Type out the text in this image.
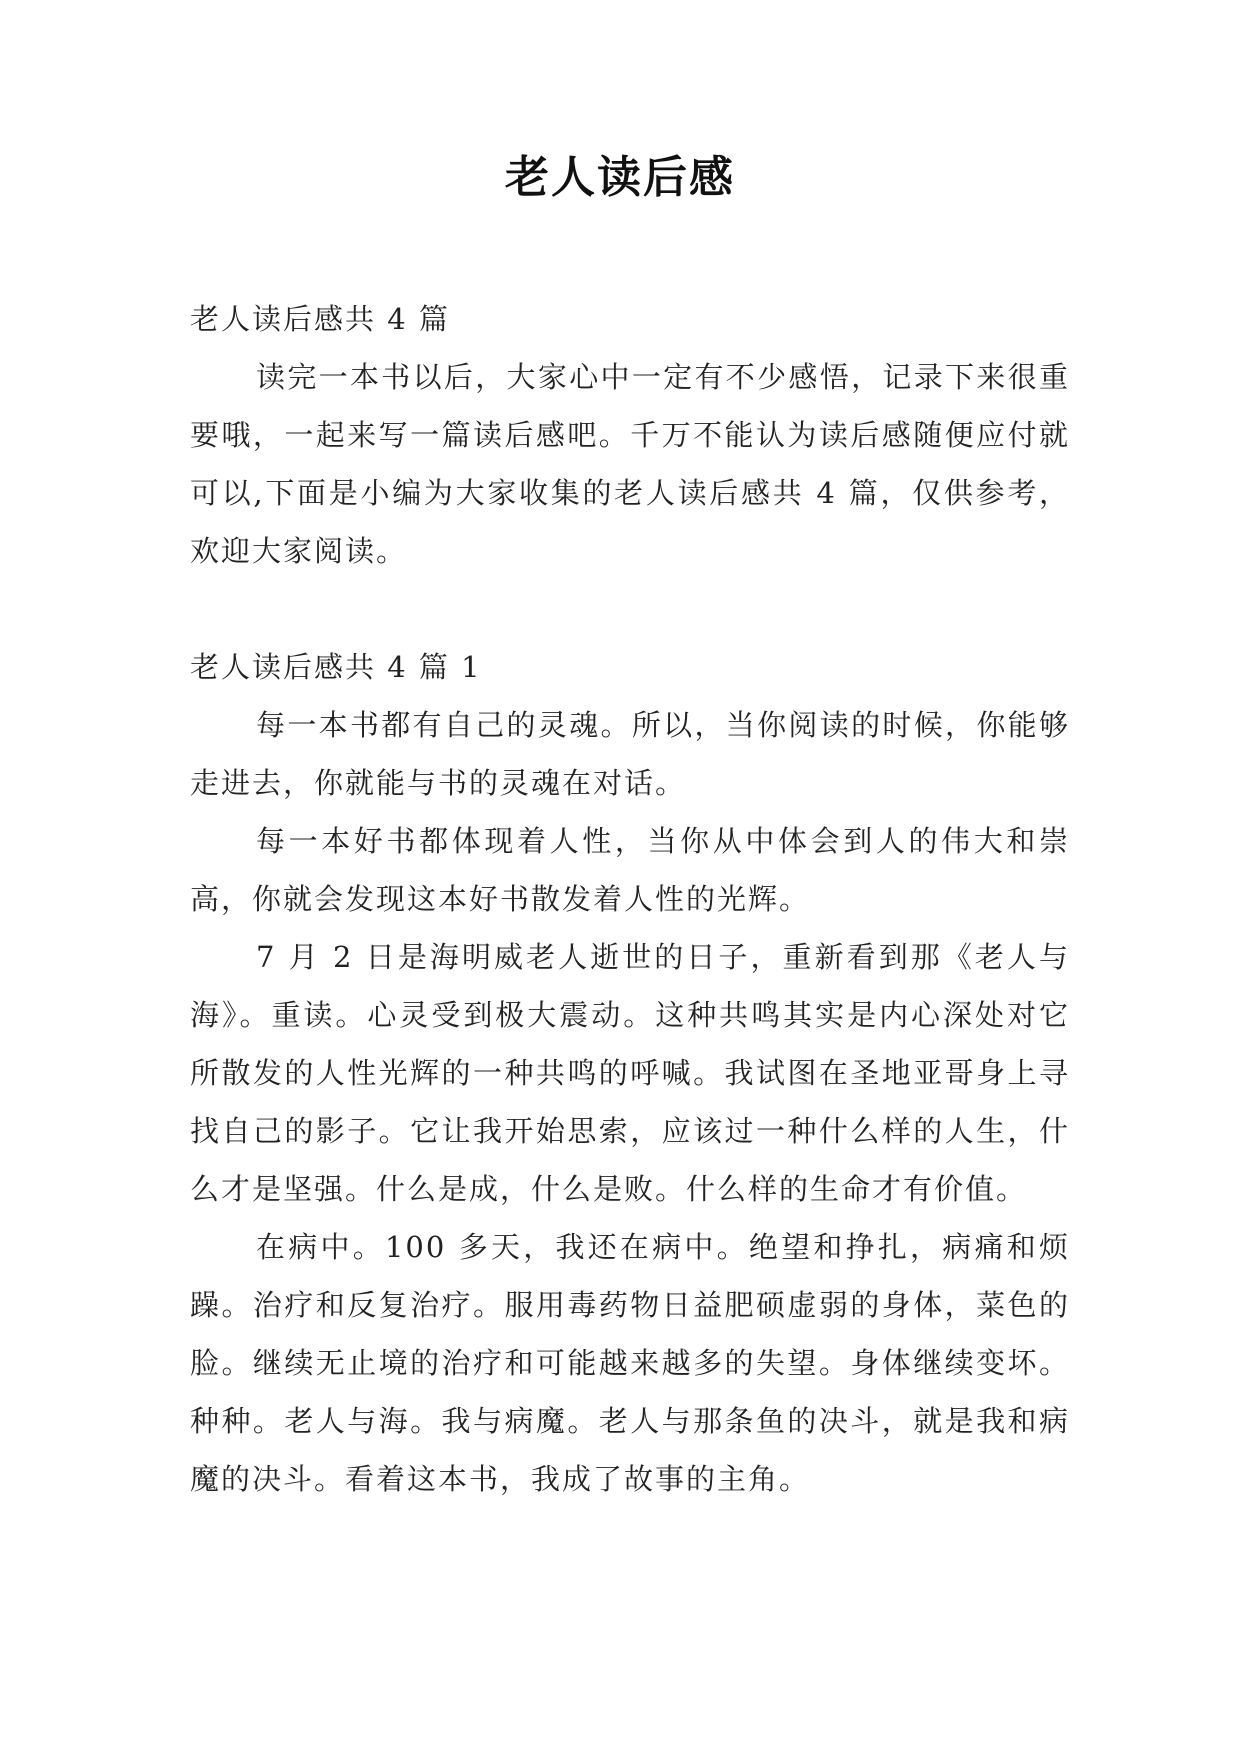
老人读后感

老人读后感共 4 篇

读完一本书以后，大家心中一定有不少感悟，记录下来很重要哦，一起来写一篇读后感吧。千万不能认为读后感随便应付就可以,下面是小编为大家收集的老人读后感共 4 篇，仅供参考，欢迎大家阅读。

老人读后感共 4 篇 1

每一本书都有自己的灵魂。所以，当你阅读的时候，你能够走进去，你就能与书的灵魂在对话。

每一本好书都体现着人性，当你从中体会到人的伟大和崇高，你就会发现这本好书散发着人性的光辉。

7 月 2 日是海明威老人逝世的日子，重新看到那《老人与海》。重读。心灵受到极大震动。这种共鸣其实是内心深处对它所散发的人性光辉的一种共鸣的呼喊。我试图在圣地亚哥身上寻找自己的影子。它让我开始思索，应该过一种什么样的人生，什么才是坚强。什么是成，什么是败。什么样的生命才有价值。

在病中。100 多天，我还在病中。绝望和挣扎，病痛和烦躁。治疗和反复治疗。服用毒药物日益肥硕虚弱的身体，菜色的脸。继续无止境的治疗和可能越来越多的失望。身体继续变坏。种种。老人与海。我与病魔。老人与那条鱼的决斗，就是我和病魔的决斗。看着这本书，我成了故事的主角。
